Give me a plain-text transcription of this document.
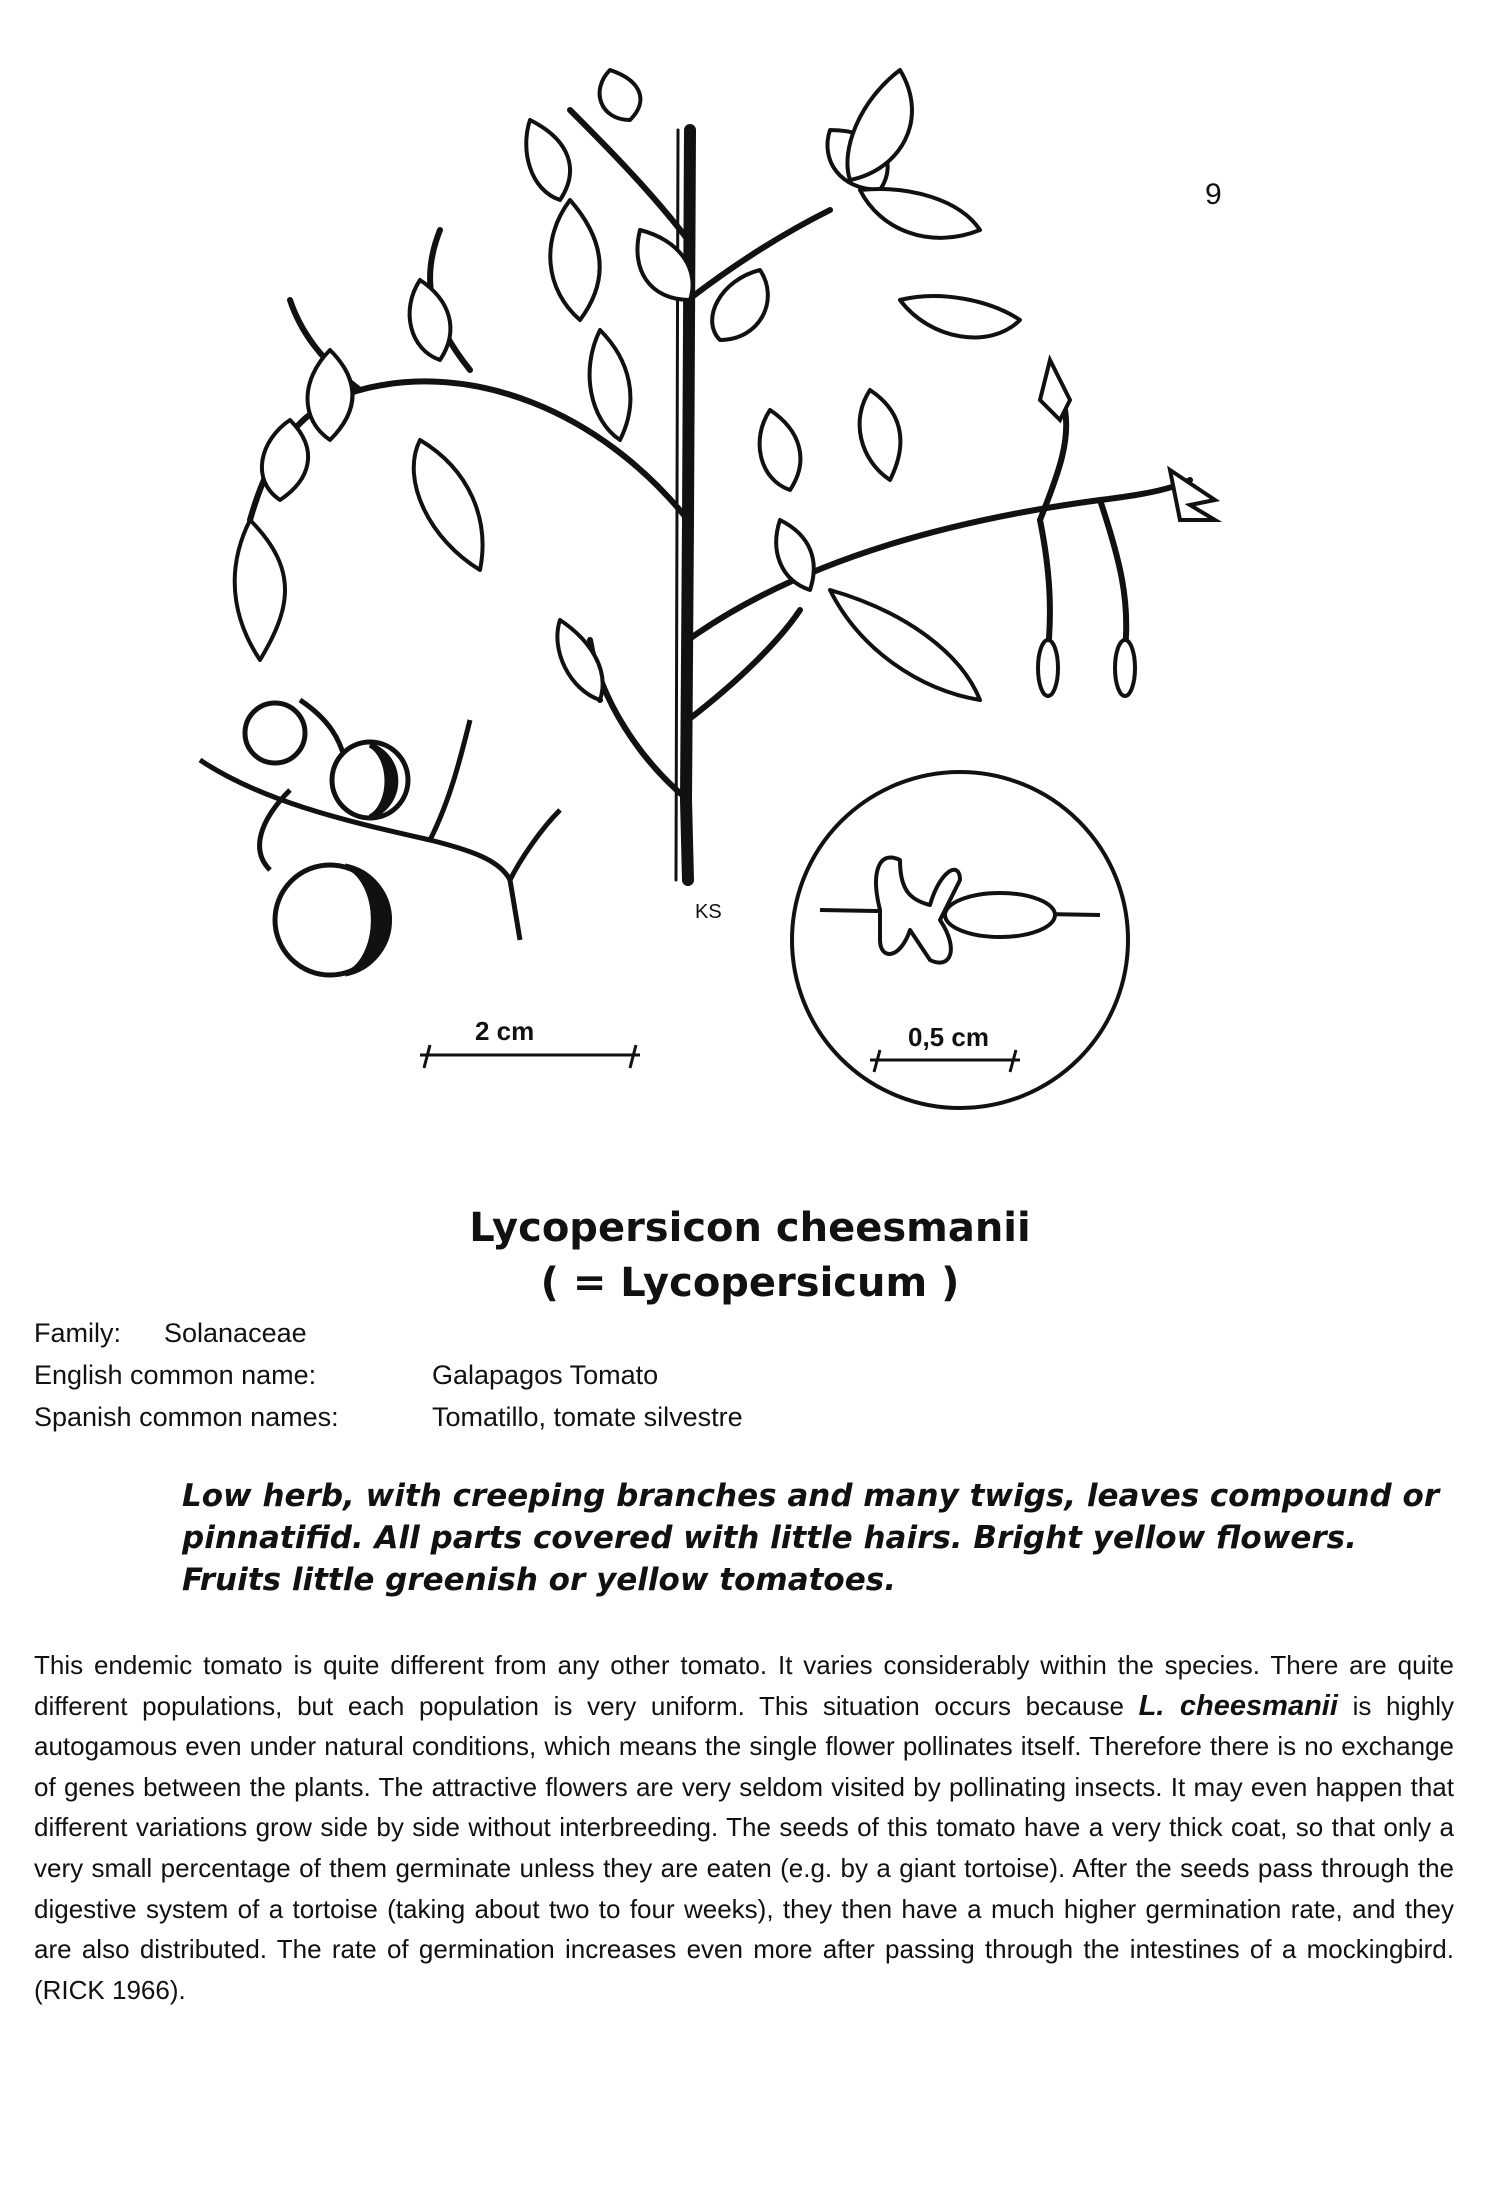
9
2 cm	0,5 cm
KS
Lycopersicon cheesmanii
( = Lycopersicum )
Family: Solanaceae
English common name:	Galapagos Tomato
Spanish common names:	Tomatillo, tomate silvestre
Low herb, with creeping branches and many twigs, leaves compound or pinnatifid. All parts covered with little hairs. Bright yellow flowers. Fruits little greenish or yellow tomatoes.
This endemic tomato is quite different from any other tomato. It varies considerably within the species. There are quite different populations, but each population is very uniform. This situation occurs because L. cheesmanii is highly autogamous even under natural conditions, which means the single flower pollinates itself. Therefore there is no exchange of genes between the plants. The attractive flowers are very seldom visited by pollinating insects. It may even happen that different variations grow side by side without interbreeding. The seeds of this tomato have a very thick coat, so that only a very small percentage of them germinate unless they are eaten (e.g. by a giant tortoise). After the seeds pass through the digestive system of a tortoise (taking about two to four weeks), they then have a much higher germination rate, and they are also distributed. The rate of germination increases even more after passing through the intestines of a mockingbird. (RICK 1966).
